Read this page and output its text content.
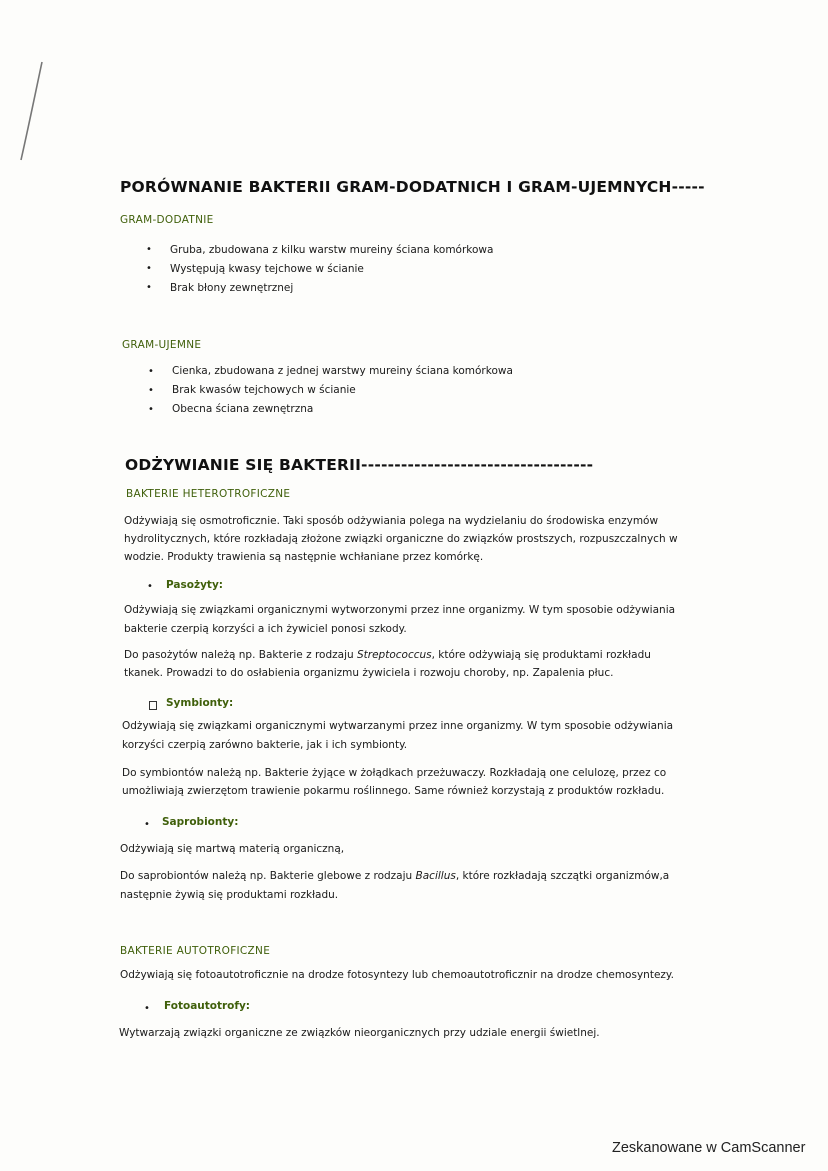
PORÓWNANIE BAKTERII GRAM-DODATNICH I GRAM-UJEMNYCH-----
GRAM-DODATNIE
• Gruba, zbudowana z kilku warstw mureiny ściana komórkowa
• Występują kwasy tejchowe w ścianie
• Brak błony zewnętrznej
GRAM-UJEMNE
• Cienka, zbudowana z jednej warstwy mureiny ściana komórkowa
• Brak kwasów tejchowych w ścianie
• Obecna ściana zewnętrzna
ODŻYWIANIE SIĘ BAKTERII-----------------------------------
BAKTERIE HETEROTROFICZNE
Odżywiają się osmotroficznie. Taki sposób odżywiania polega na wydzielaniu do środowiska enzymów
hydrolitycznych, które rozkładają złożone związki organiczne do związków prostszych, rozpuszczalnych w
wodzie. Produkty trawienia są następnie wchłaniane przez komórkę.
• Pasożyty:
Odżywiają się związkami organicznymi wytworzonymi przez inne organizmy. W tym sposobie odżywiania
bakterie czerpią korzyści a ich żywiciel ponosi szkody.
Do pasożytów należą np. Bakterie z rodzaju Streptococcus, które odżywiają się produktami rozkładu
tkanek. Prowadzi to do osłabienia organizmu żywiciela i rozwoju choroby, np. Zapalenia płuc.
Symbionty:
Odżywiają się związkami organicznymi wytwarzanymi przez inne organizmy. W tym sposobie odżywiania
korzyści czerpią zarówno bakterie, jak i ich symbionty.
Do symbiontów należą np. Bakterie żyjące w żołądkach przeżuwaczy. Rozkładają one celulozę, przez co
umożliwiają zwierzętom trawienie pokarmu roślinnego. Same również korzystają z produktów rozkładu.
• Saprobionty:
Odżywiają się martwą materią organiczną,
Do saprobiontów należą np. Bakterie glebowe z rodzaju Bacillus, które rozkładają szczątki organizmów,a
następnie żywią się produktami rozkładu.
BAKTERIE AUTOTROFICZNE
Odżywiają się fotoautotroficznie na drodze fotosyntezy lub chemoautotroficznir na drodze chemosyntezy.
• Fotoautotrofy:
Wytwarzają związki organiczne ze związków nieorganicznych przy udziale energii świetlnej.
Zeskanowane w CamScanner
